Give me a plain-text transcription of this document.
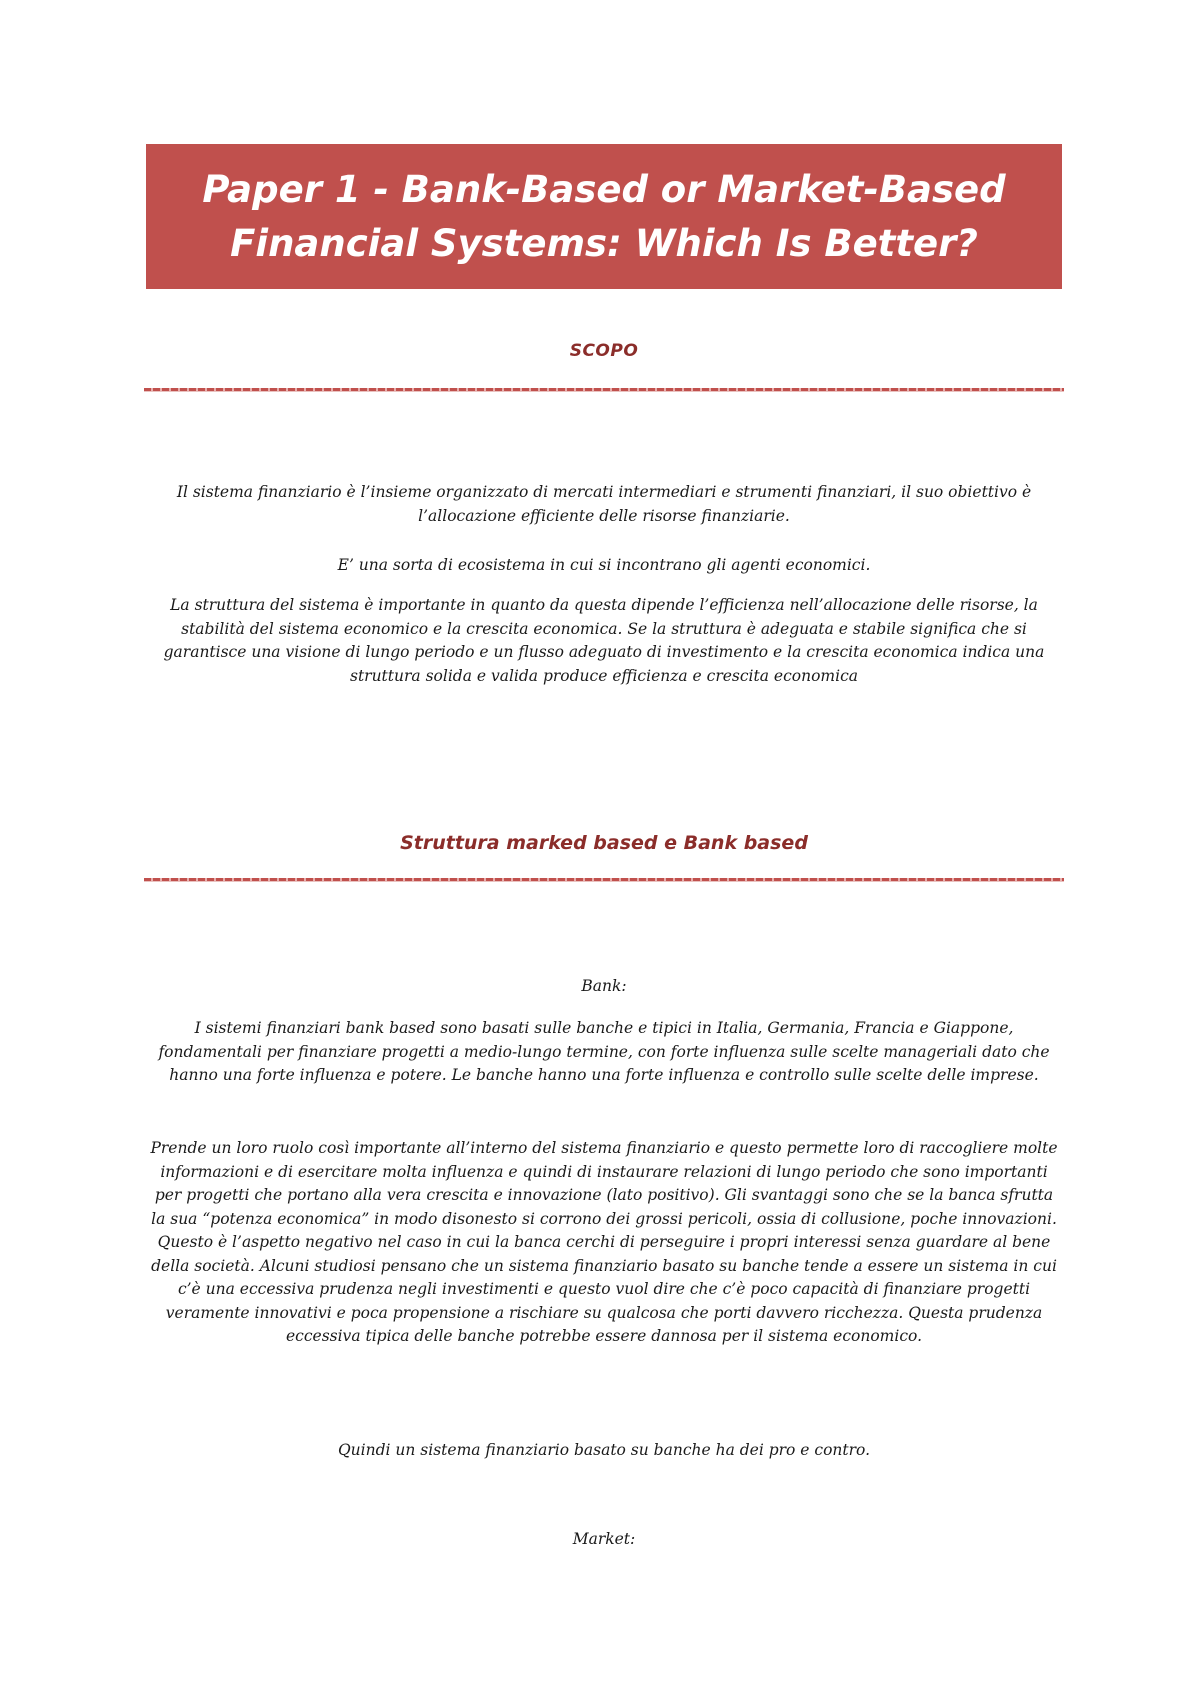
Paper 1 - Bank-Based or Market-Based
Financial Systems: Which Is Better?
SCOPO

Il sistema finanziario è l’insieme organizzato di mercati intermediari e strumenti finanziari, il suo obiettivo è l’allocazione efficiente delle risorse finanziarie.

E’ una sorta di ecosistema in cui si incontrano gli agenti economici.

La struttura del sistema è importante in quanto da questa dipende l’efficienza nell’allocazione delle risorse, la stabilità del sistema economico e la crescita economica. Se la struttura è adeguata e stabile significa che si garantisce una visione di lungo periodo e un flusso adeguato di investimento e la crescita economica indica una struttura solida e valida produce efficienza e crescita economica

Struttura marked based e Bank based

Bank:

I sistemi finanziari bank based sono basati sulle banche e tipici in Italia, Germania, Francia e Giappone, fondamentali per finanziare progetti a medio-lungo termine, con forte influenza sulle scelte manageriali dato che hanno una forte influenza e potere. Le banche hanno una forte influenza e controllo sulle scelte delle imprese.

Prende un loro ruolo così importante all’interno del sistema finanziario e questo permette loro di raccogliere molte informazioni e di esercitare molta influenza e quindi di instaurare relazioni di lungo periodo che sono importanti per progetti che portano alla vera crescita e innovazione (lato positivo). Gli svantaggi sono che se la banca sfrutta la sua “potenza economica” in modo disonesto si corrono dei grossi pericoli, ossia di collusione, poche innovazioni. Questo è l’aspetto negativo nel caso in cui la banca cerchi di perseguire i propri interessi senza guardare al bene della società. Alcuni studiosi pensano che un sistema finanziario basato su banche tende a essere un sistema in cui c’è una eccessiva prudenza negli investimenti e questo vuol dire che c’è poco capacità di finanziare progetti veramente innovativi e poca propensione a rischiare su qualcosa che porti davvero ricchezza. Questa prudenza eccessiva tipica delle banche potrebbe essere dannosa per il sistema economico.

Quindi un sistema finanziario basato su banche ha dei pro e contro.

Market:
